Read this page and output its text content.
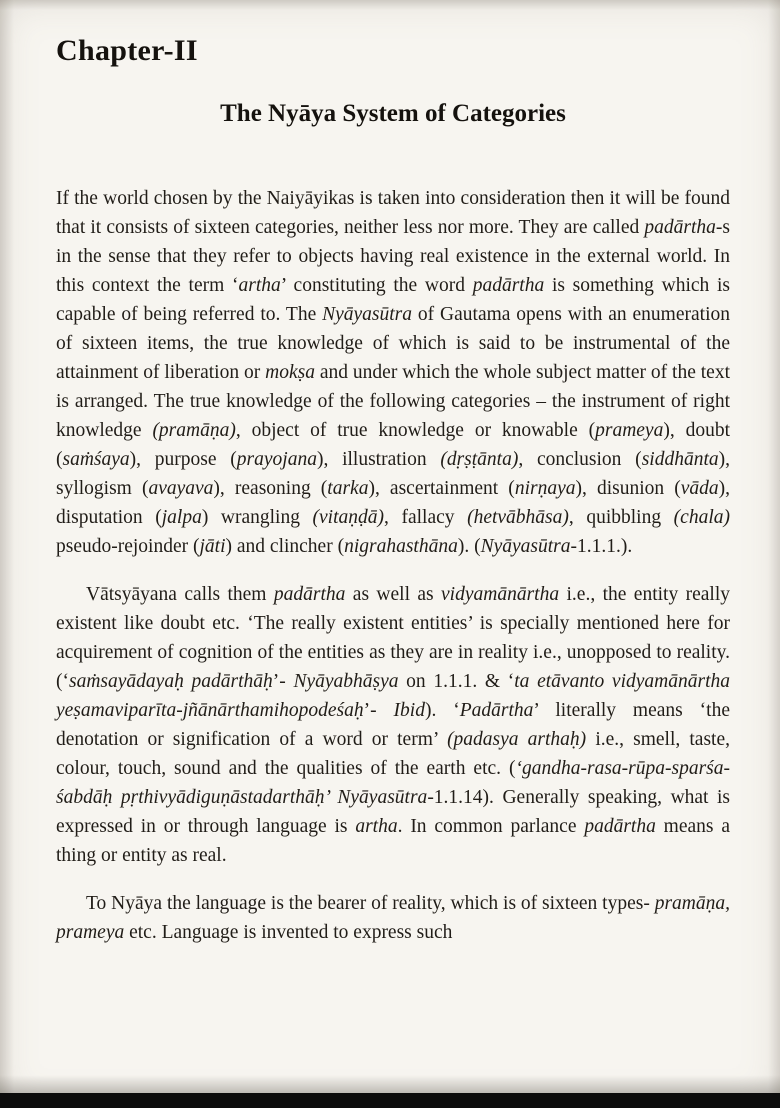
Chapter-II
The Nyāya System of Categories

If the world chosen by the Naiyāyikas is taken into consideration then it will be found that it consists of sixteen categories, neither less nor more. They are called padārtha-s in the sense that they refer to objects having real existence in the external world. In this context the term ‘artha’ constituting the word padārtha is something which is capable of being referred to. The Nyāyasūtra of Gautama opens with an enumeration of sixteen items, the true knowledge of which is said to be instrumental of the attainment of liberation or mokṣa and under which the whole subject matter of the text is arranged. The true knowledge of the following categories – the instrument of right knowledge (pramāṇa), object of true knowledge or knowable (prameya), doubt (saṁśaya), purpose (prayojana), illustration (dṛṣṭānta), conclusion (siddhānta), syllogism (avayava), reasoning (tarka), ascertainment (nirṇaya), disunion (vāda), disputation (jalpa) wrangling (vitaṇḍā), fallacy (hetvābhāsa), quibbling (chala) pseudo-rejoinder (jāti) and clincher (nigrahasthāna). (Nyāyasūtra-1.1.1.).

Vātsyāyana calls them padārtha as well as vidyamānārtha i.e., the entity really existent like doubt etc. ‘The really existent entities’ is specially mentioned here for acquirement of cognition of the entities as they are in reality i.e., unopposed to reality. (‘saṁsayādayaḥ padārthāḥ’- Nyāyabhāṣya on 1.1.1. & ‘ta etāvanto vidyamānārtha yeṣamaviparīta-jñānārthamihopodeśaḥ’- Ibid). ‘Padārtha’ literally means ‘the denotation or signification of a word or term’ (padasya arthaḥ) i.e., smell, taste, colour, touch, sound and the qualities of the earth etc. (‘gandha-rasa-rūpa-sparśa-śabdāḥ pṛthivyādiguṇāstadarthāḥ’ Nyāyasūtra-1.1.14). Generally speaking, what is expressed in or through language is artha. In common parlance padārtha means a thing or entity as real.

To Nyāya the language is the bearer of reality, which is of sixteen types- pramāṇa, prameya etc. Language is invented to express such
